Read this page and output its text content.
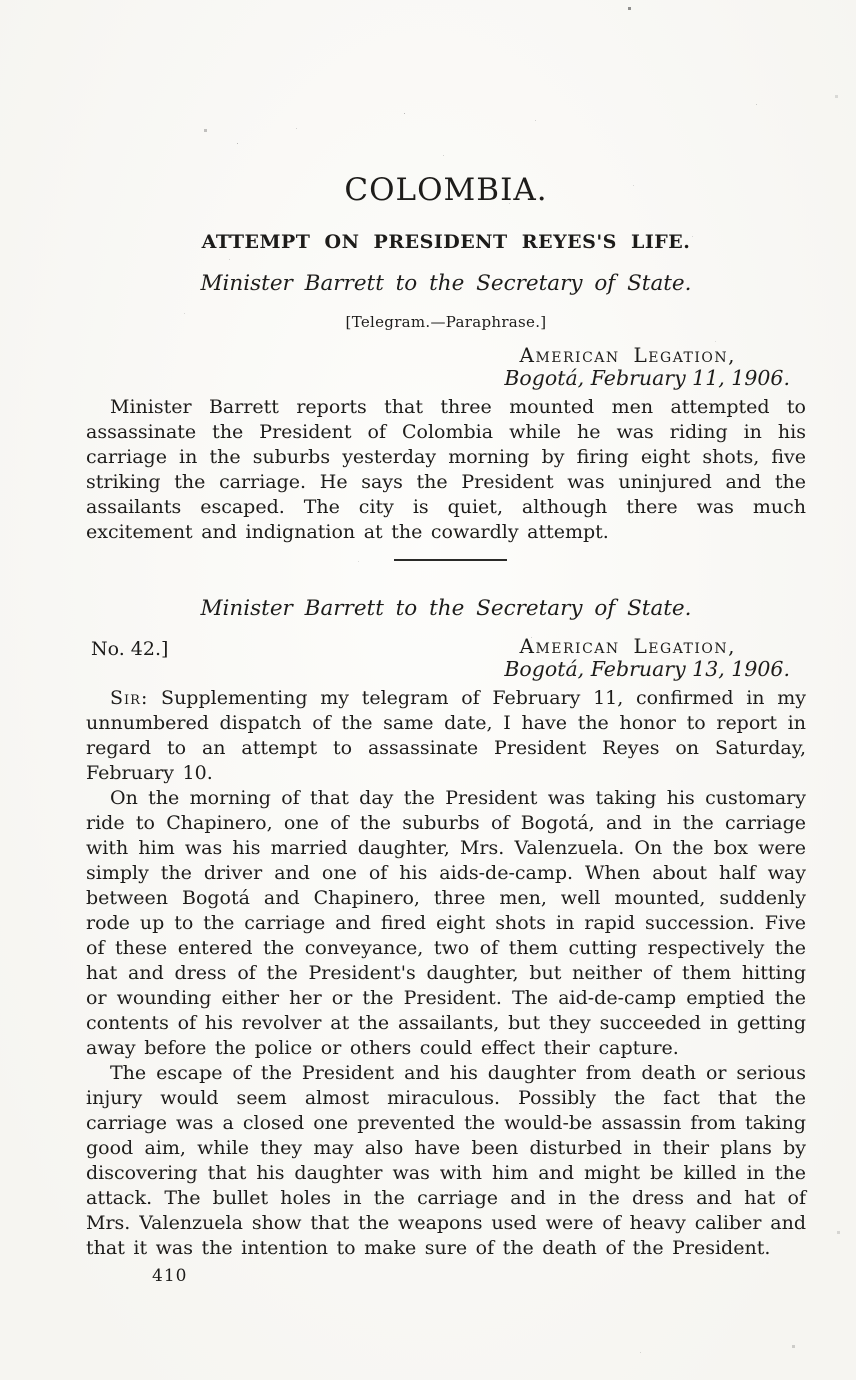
COLOMBIA.
ATTEMPT ON PRESIDENT REYES'S LIFE.
Minister Barrett to the Secretary of State.
[Telegram.—Paraphrase.]
American Legation,
Bogotá, February 11, 1906.

Minister Barrett reports that three mounted men attempted to assassinate the President of Colombia while he was riding in his carriage in the suburbs yesterday morning by firing eight shots, five striking the carriage. He says the President was uninjured and the assailants escaped. The city is quiet, although there was much excitement and indignation at the cowardly attempt.

Minister Barrett to the Secretary of State.
No. 42.]	American Legation,
Bogotá, February 13, 1906.

Sir: Supplementing my telegram of February 11, confirmed in my unnumbered dispatch of the same date, I have the honor to report in regard to an attempt to assassinate President Reyes on Saturday, February 10.

On the morning of that day the President was taking his customary ride to Chapinero, one of the suburbs of Bogotá, and in the carriage with him was his married daughter, Mrs. Valenzuela. On the box were simply the driver and one of his aids-de-camp. When about half way between Bogotá and Chapinero, three men, well mounted, suddenly rode up to the carriage and fired eight shots in rapid succession. Five of these entered the conveyance, two of them cutting respectively the hat and dress of the President's daughter, but neither of them hitting or wounding either her or the President. The aid-de-camp emptied the contents of his revolver at the assailants, but they succeeded in getting away before the police or others could effect their capture.

The escape of the President and his daughter from death or serious injury would seem almost miraculous. Possibly the fact that the carriage was a closed one prevented the would-be assassin from taking good aim, while they may also have been disturbed in their plans by discovering that his daughter was with him and might be killed in the attack. The bullet holes in the carriage and in the dress and hat of Mrs. Valenzuela show that the weapons used were of heavy caliber and that it was the intention to make sure of the death of the President.

410
